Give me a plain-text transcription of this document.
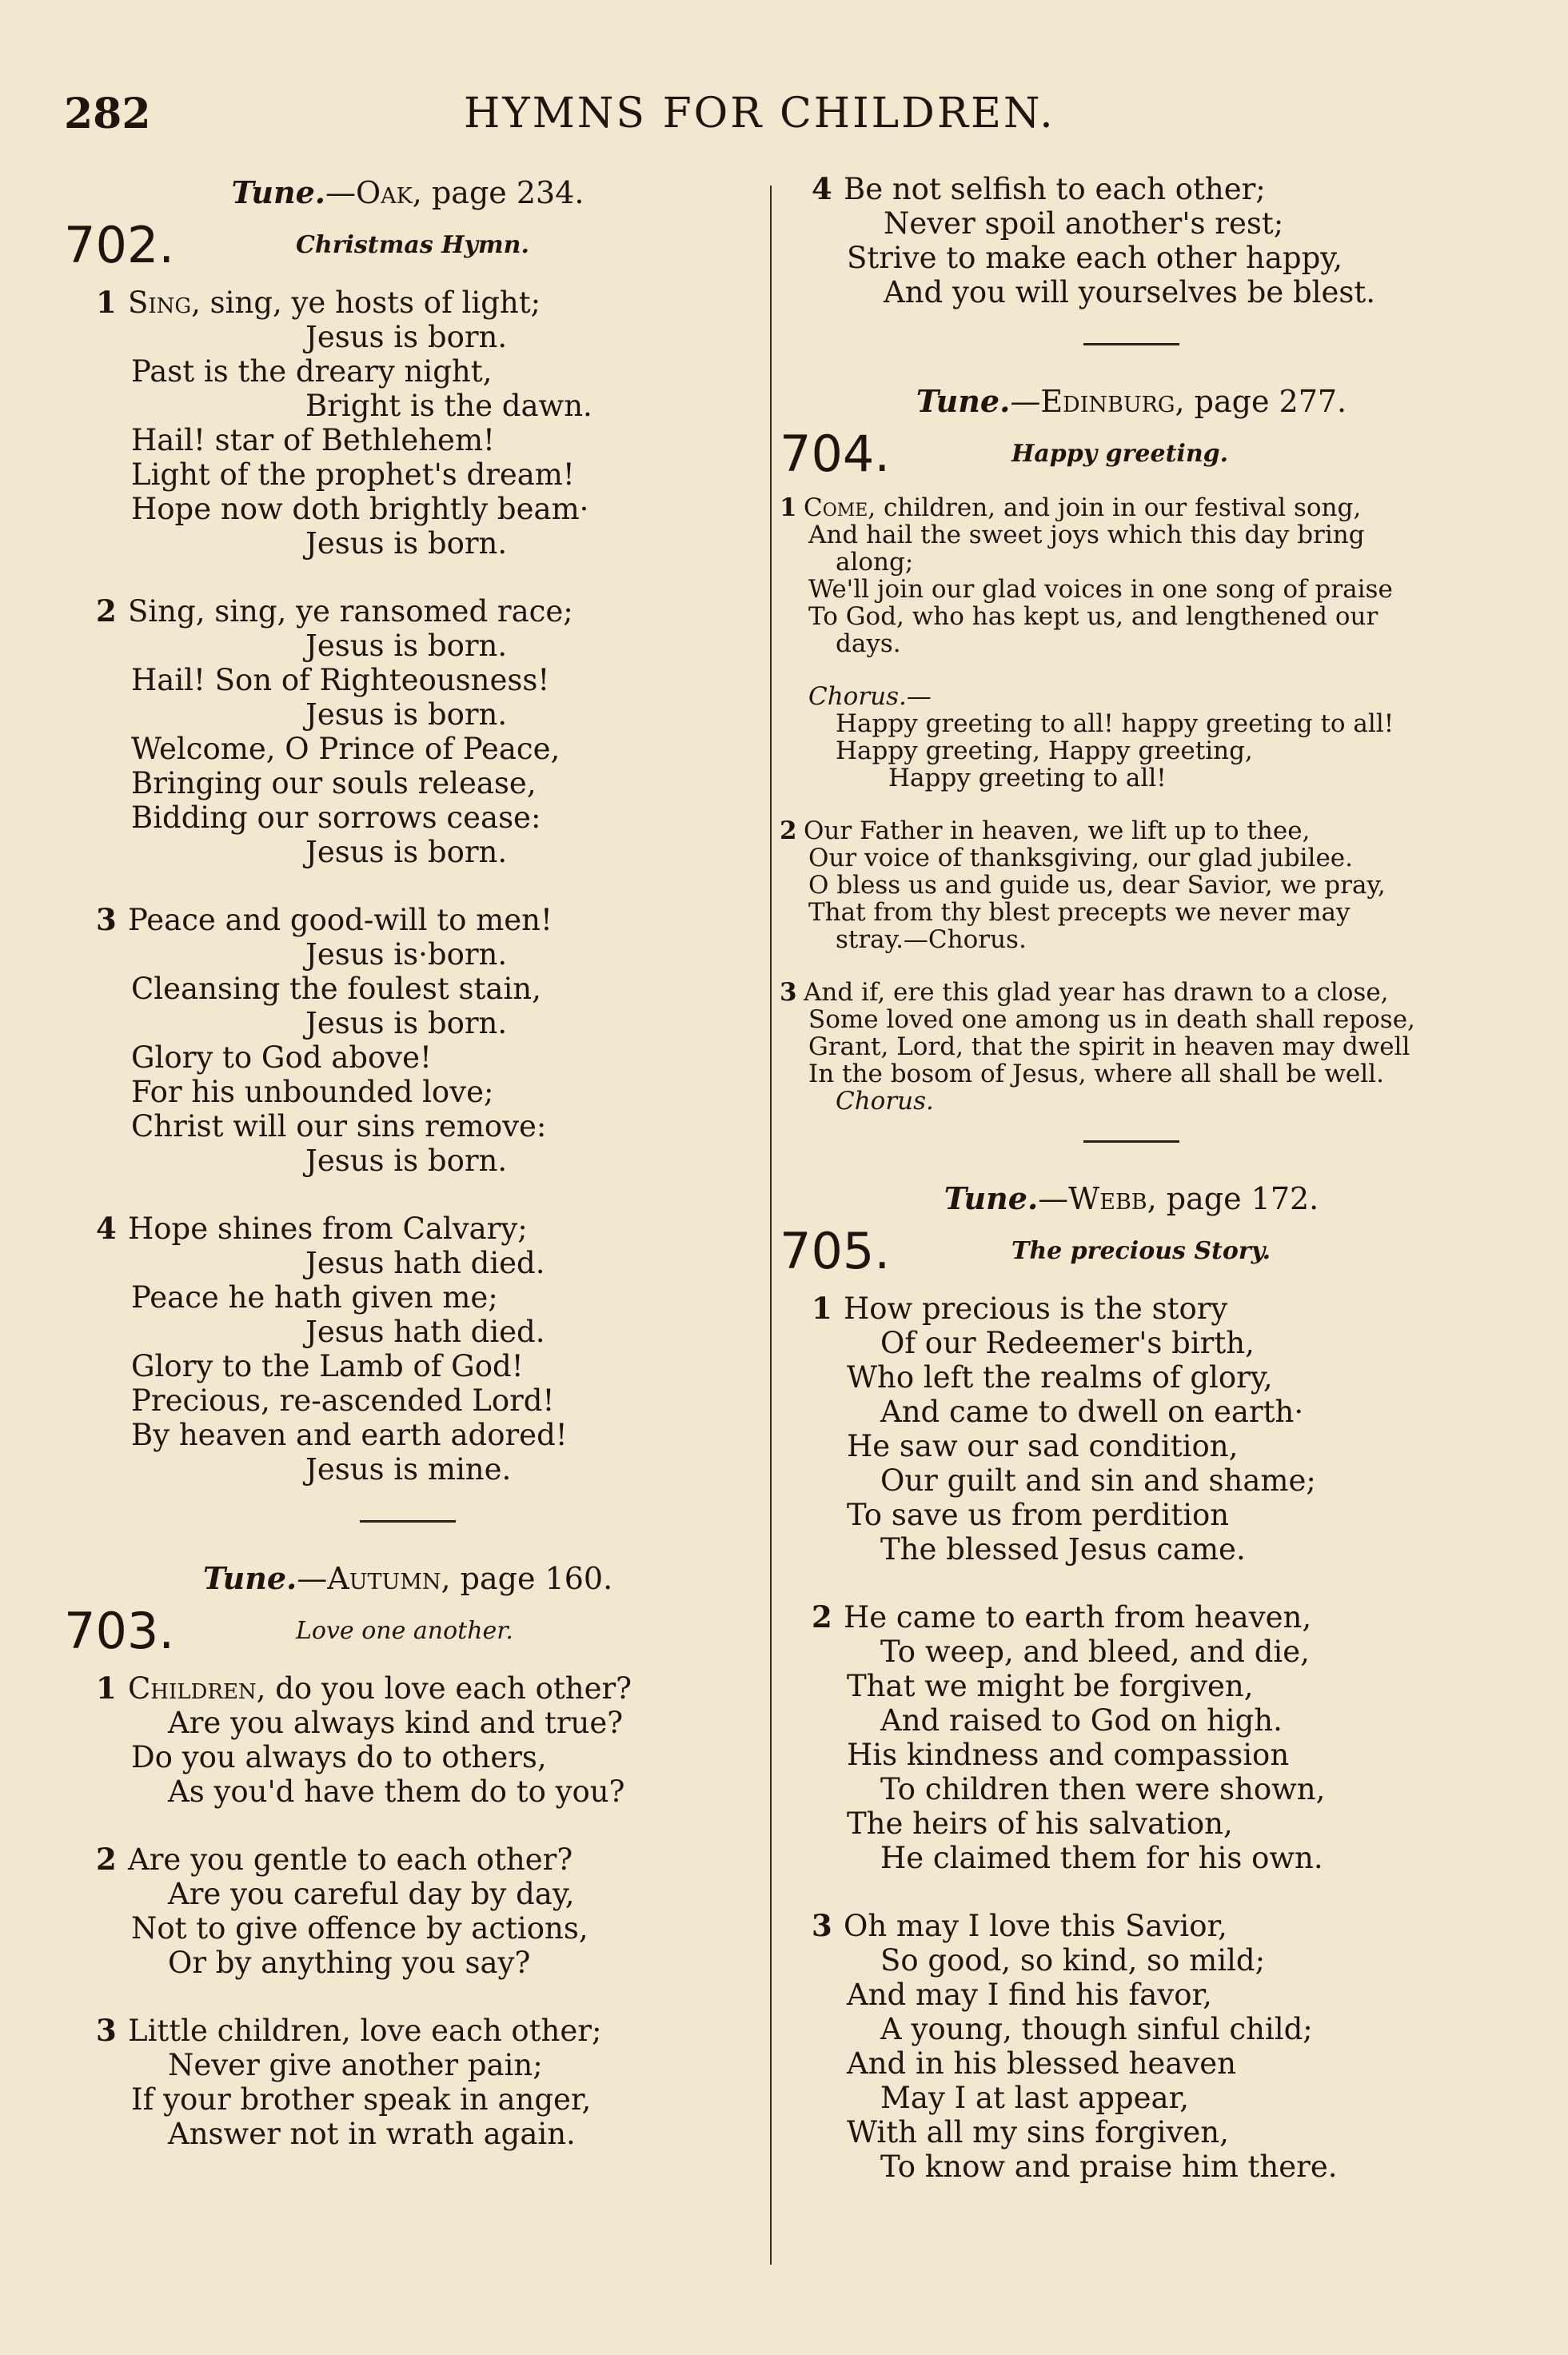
282	HYMNS FOR CHILDREN.

Tune.—Oak, page 234.

702.	Christmas Hymn.
1 Sing, sing, ye hosts of light;
Jesus is born.
Past is the dreary night,
Bright is the dawn.
Hail! star of Bethlehem!
Light of the prophet's dream!
Hope now doth brightly beam·
Jesus is born.
2 Sing, sing, ye ransomed race;
Jesus is born.
Hail! Son of Righteousness!
Jesus is born.
Welcome, O Prince of Peace,
Bringing our souls release,
Bidding our sorrows cease:
Jesus is born.
3 Peace and good-will to men!
Jesus is·born.
Cleansing the foulest stain,
Jesus is born.
Glory to God above!
For his unbounded love;
Christ will our sins remove:
Jesus is born.
4 Hope shines from Calvary;
Jesus hath died.
Peace he hath given me;
Jesus hath died.
Glory to the Lamb of God!
Precious, re-ascended Lord!
By heaven and earth adored!
Jesus is mine.

Tune.—Autumn, page 160.

703.	Love one another.
1 Children, do you love each other?
Are you always kind and true?
Do you always do to others,
As you'd have them do to you?
2 Are you gentle to each other?
Are you careful day by day,
Not to give offence by actions,
Or by anything you say?
3 Little children, love each other;
Never give another pain;
If your brother speak in anger,
Answer not in wrath again.
4 Be not selfish to each other;
Never spoil another's rest;
Strive to make each other happy,
And you will yourselves be blest.

Tune.—Edinburg, page 277.

704.	Happy greeting.
1 Come, children, and join in our festival song,
And hail the sweet joys which this day bring
along;
We'll join our glad voices in one song of praise
To God, who has kept us, and lengthened our
days.
Chorus.—
Happy greeting to all! happy greeting to all!
Happy greeting, Happy greeting,
Happy greeting to all!
2 Our Father in heaven, we lift up to thee,
Our voice of thanksgiving, our glad jubilee.
O bless us and guide us, dear Savior, we pray,
That from thy blest precepts we never may
stray.—Chorus.
3 And if, ere this glad year has drawn to a close,
Some loved one among us in death shall repose,
Grant, Lord, that the spirit in heaven may dwell
In the bosom of Jesus, where all shall be well.
Chorus.

Tune.—Webb, page 172.

705.	The precious Story.
1 How precious is the story
Of our Redeemer's birth,
Who left the realms of glory,
And came to dwell on earth·
He saw our sad condition,
Our guilt and sin and shame;
To save us from perdition
The blessed Jesus came.
2 He came to earth from heaven,
To weep, and bleed, and die,
That we might be forgiven,
And raised to God on high.
His kindness and compassion
To children then were shown,
The heirs of his salvation,
He claimed them for his own.
3 Oh may I love this Savior,
So good, so kind, so mild;
And may I find his favor,
A young, though sinful child;
And in his blessed heaven
May I at last appear,
With all my sins forgiven,
To know and praise him there.
